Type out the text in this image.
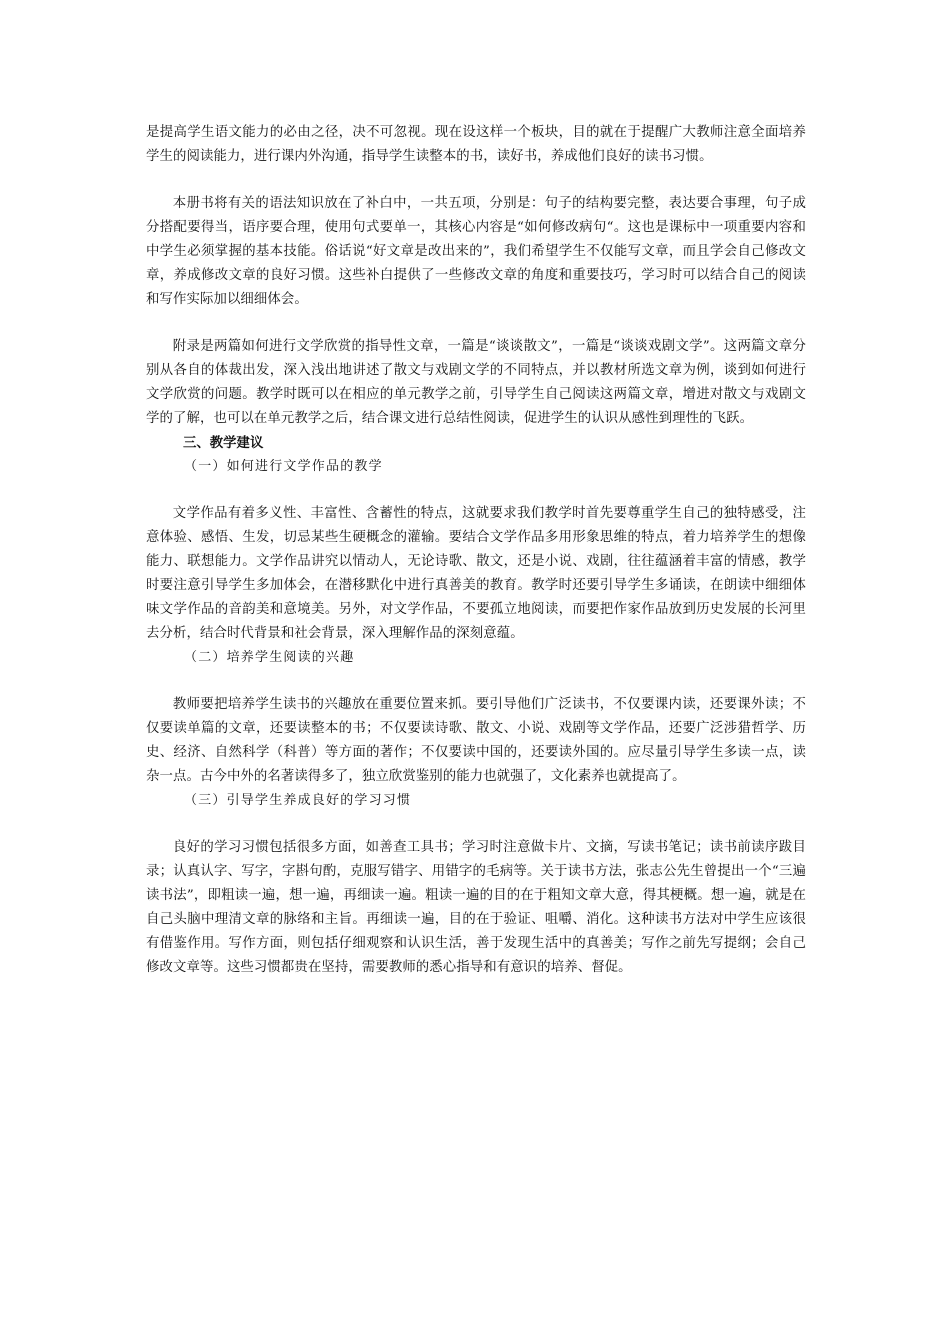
是提高学生语文能力的必由之径，决不可忽视。现在设这样一个板块，目的就在于提醒广大教师注意全面培养学生的阅读能力，进行课内外沟通，指导学生读整本的书，读好书，养成他们良好的读书习惯。

本册书将有关的语法知识放在了补白中，一共五项，分别是：句子的结构要完整，表达要合事理，句子成分搭配要得当，语序要合理，使用句式要单一，其核心内容是“如何修改病句“。这也是课标中一项重要内容和中学生必须掌握的基本技能。俗话说“好文章是改出来的”，我们希望学生不仅能写文章，而且学会自己修改文章，养成修改文章的良好习惯。这些补白提供了一些修改文章的角度和重要技巧，学习时可以结合自己的阅读和写作实际加以细细体会。

附录是两篇如何进行文学欣赏的指导性文章，一篇是“谈谈散文”，一篇是“谈谈戏剧文学”。这两篇文章分别从各自的体裁出发，深入浅出地讲述了散文与戏剧文学的不同特点，并以教材所选文章为例，谈到如何进行文学欣赏的问题。教学时既可以在相应的单元教学之前，引导学生自己阅读这两篇文章，增进对散文与戏剧文学的了解，也可以在单元教学之后，结合课文进行总结性阅读，促进学生的认识从感性到理性的飞跃。

三、教学建议

（一）如何进行文学作品的教学

文学作品有着多义性、丰富性、含蓄性的特点，这就要求我们教学时首先要尊重学生自己的独特感受，注意体验、感悟、生发，切忌某些生硬概念的灌输。要结合文学作品多用形象思维的特点，着力培养学生的想像能力、联想能力。文学作品讲究以情动人，无论诗歌、散文，还是小说、戏剧，往往蕴涵着丰富的情感，教学时要注意引导学生多加体会，在潜移默化中进行真善美的教育。教学时还要引导学生多诵读，在朗读中细细体味文学作品的音韵美和意境美。另外，对文学作品，不要孤立地阅读，而要把作家作品放到历史发展的长河里去分析，结合时代背景和社会背景，深入理解作品的深刻意蕴。

（二）培养学生阅读的兴趣

教师要把培养学生读书的兴趣放在重要位置来抓。要引导他们广泛读书，不仅要课内读，还要课外读；不仅要读单篇的文章，还要读整本的书；不仅要读诗歌、散文、小说、戏剧等文学作品，还要广泛涉猎哲学、历史、经济、自然科学（科普）等方面的著作；不仅要读中国的，还要读外国的。应尽量引导学生多读一点，读杂一点。古今中外的名著读得多了，独立欣赏鉴别的能力也就强了，文化素养也就提高了。

（三）引导学生养成良好的学习习惯

良好的学习习惯包括很多方面，如善查工具书；学习时注意做卡片、文摘，写读书笔记；读书前读序跋目录；认真认字、写字，字斟句酌，克服写错字、用错字的毛病等。关于读书方法，张志公先生曾提出一个“三遍读书法”，即粗读一遍，想一遍，再细读一遍。粗读一遍的目的在于粗知文章大意，得其梗概。想一遍，就是在自己头脑中理清文章的脉络和主旨。再细读一遍，目的在于验证、咀嚼、消化。这种读书方法对中学生应该很有借鉴作用。写作方面，则包括仔细观察和认识生活，善于发现生活中的真善美；写作之前先写提纲；会自己修改文章等。这些习惯都贵在坚持，需要教师的悉心指导和有意识的培养、督促。
